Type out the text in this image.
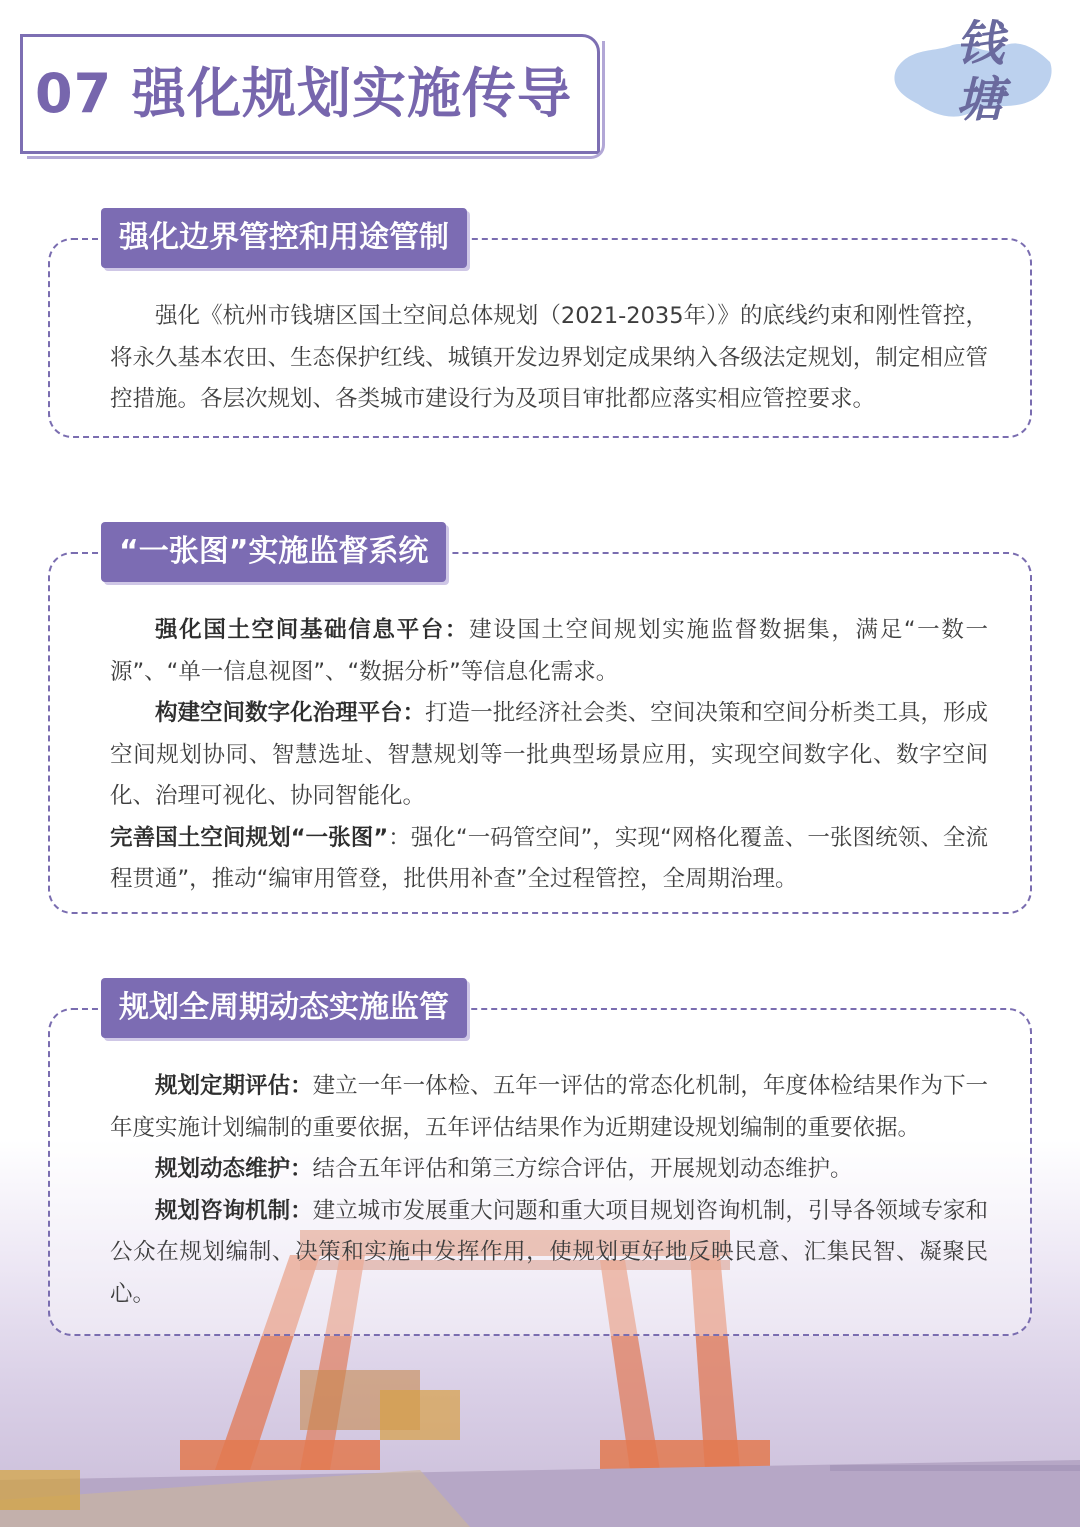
07 强化规划实施传导
钱塘
强化边界管控和用途管制

强化《杭州市钱塘区国土空间总体规划（2021-2035年）》的底线约束和刚性管控，将永久基本农田、生态保护红线、城镇开发边界划定成果纳入各级法定规划，制定相应管控措施。各层次规划、各类城市建设行为及项目审批都应落实相应管控要求。

“一张图”实施监督系统

强化国土空间基础信息平台：建设国土空间规划实施监督数据集，满足“一数一源”、“单一信息视图”、“数据分析”等信息化需求。

构建空间数字化治理平台：打造一批经济社会类、空间决策和空间分析类工具，形成空间规划协同、智慧选址、智慧规划等一批典型场景应用，实现空间数字化、数字空间化、治理可视化、协同智能化。

完善国土空间规划“一张图”：强化“一码管空间”，实现“网格化覆盖、一张图统领、全流程贯通”，推动“编审用管登，批供用补查”全过程管控，全周期治理。

规划全周期动态实施监管

规划定期评估：建立一年一体检、五年一评估的常态化机制，年度体检结果作为下一年度实施计划编制的重要依据，五年评估结果作为近期建设规划编制的重要依据。

规划动态维护：结合五年评估和第三方综合评估，开展规划动态维护。

规划咨询机制：建立城市发展重大问题和重大项目规划咨询机制，引导各领域专家和公众在规划编制、决策和实施中发挥作用，使规划更好地反映民意、汇集民智、凝聚民心。
